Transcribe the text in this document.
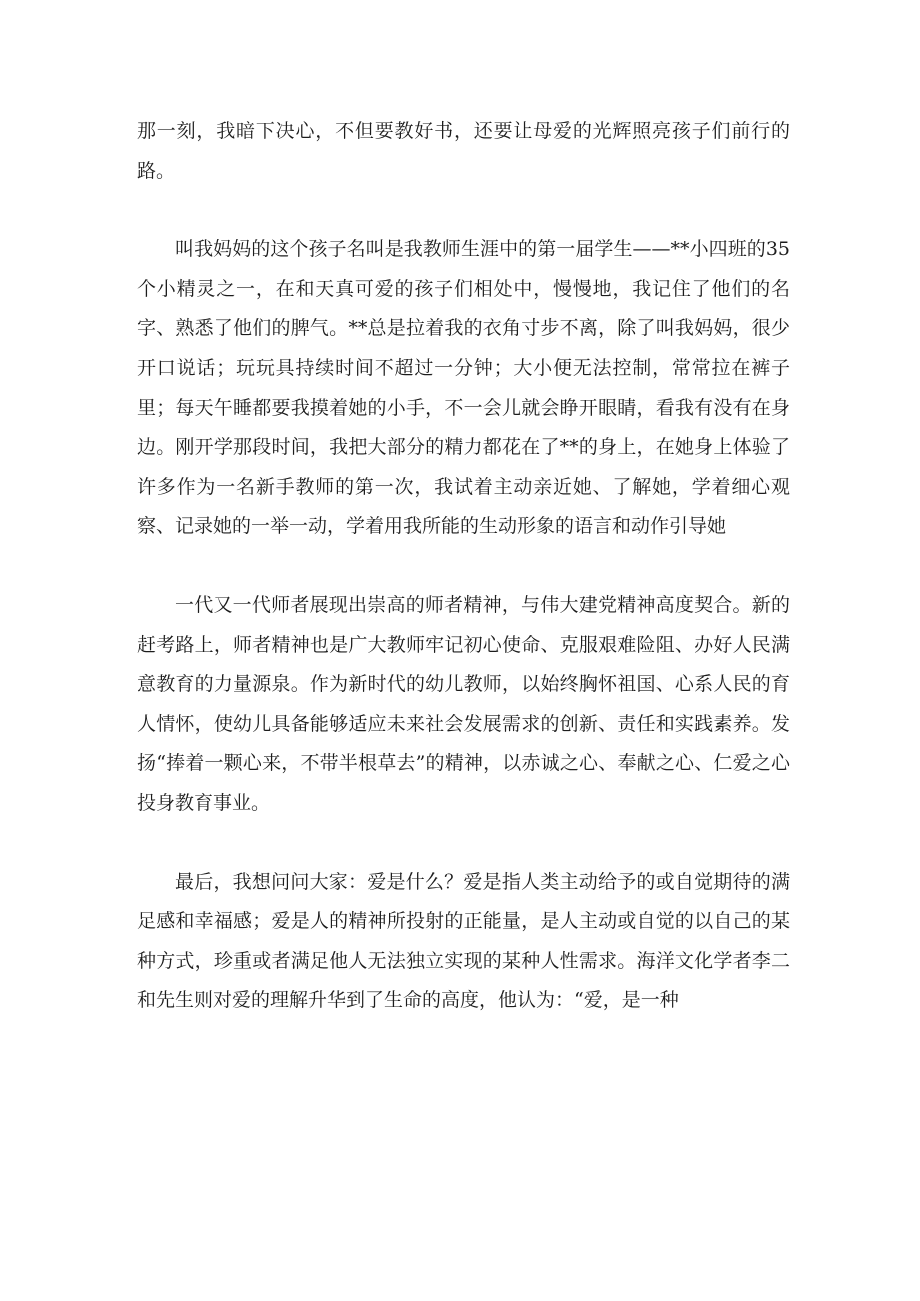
那一刻，我暗下决心，不但要教好书，还要让母爱的光辉照亮孩子们前行的路。

叫我妈妈的这个孩子名叫是我教师生涯中的第一届学生——**小四班的35个小精灵之一，在和天真可爱的孩子们相处中，慢慢地，我记住了他们的名字、熟悉了他们的脾气。**总是拉着我的衣角寸步不离，除了叫我妈妈，很少开口说话；玩玩具持续时间不超过一分钟；大小便无法控制，常常拉在裤子里；每天午睡都要我摸着她的小手，不一会儿就会睁开眼睛，看我有没有在身边。刚开学那段时间，我把大部分的精力都花在了**的身上，在她身上体验了许多作为一名新手教师的第一次，我试着主动亲近她、了解她，学着细心观察、记录她的一举一动，学着用我所能的生动形象的语言和动作引导她

一代又一代师者展现出崇高的师者精神，与伟大建党精神高度契合。新的赶考路上，师者精神也是广大教师牢记初心使命、克服艰难险阻、办好人民满意教育的力量源泉。作为新时代的幼儿教师，以始终胸怀祖国、心系人民的育人情怀，使幼儿具备能够适应未来社会发展需求的创新、责任和实践素养。发扬“捧着一颗心来，不带半根草去”的精神，以赤诚之心、奉献之心、仁爱之心投身教育事业。

最后，我想问问大家：爱是什么？爱是指人类主动给予的或自觉期待的满足感和幸福感；爱是人的精神所投射的正能量，是人主动或自觉的以自己的某种方式，珍重或者满足他人无法独立实现的某种人性需求。海洋文化学者李二和先生则对爱的理解升华到了生命的高度，他认为：“爱，是一种
